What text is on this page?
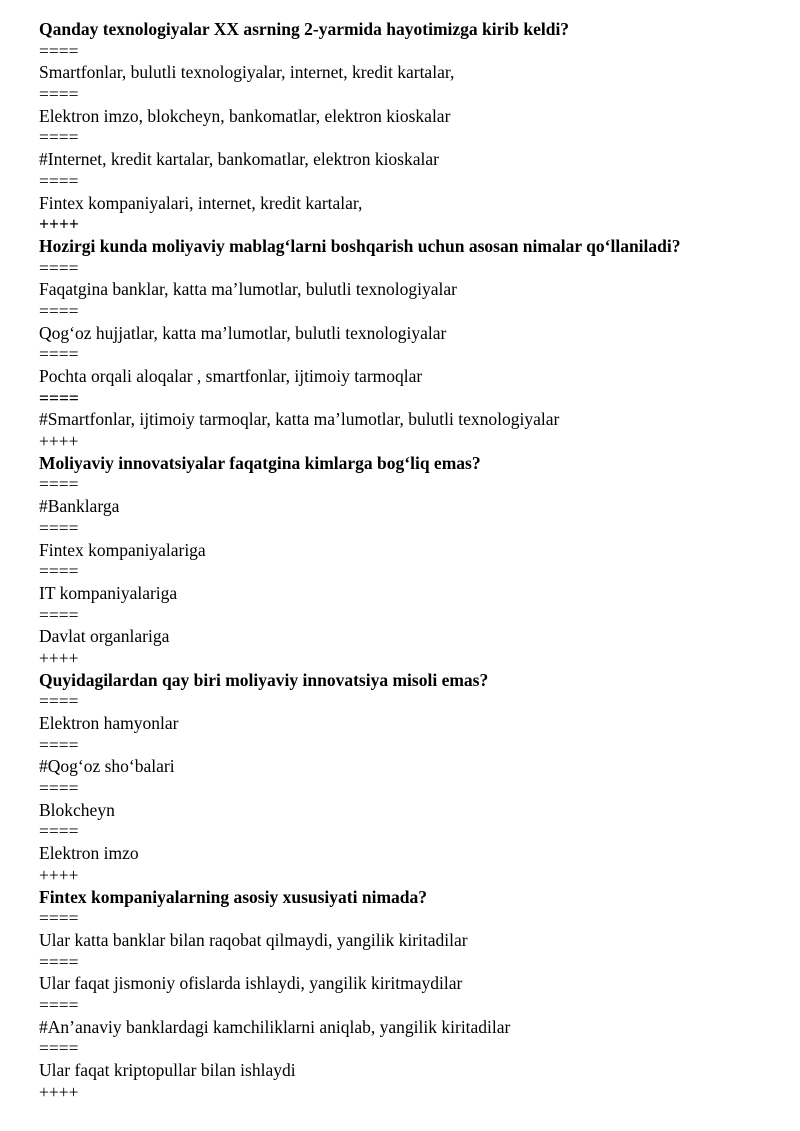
Qanday texnologiyalar XX asrning 2-yarmida hayotimizga kirib keldi?
====
Smartfonlar, bulutli texnologiyalar, internet, kredit kartalar,
====
Elektron imzo, blokcheyn, bankomatlar, elektron kioskalar
====
#Internet, kredit kartalar, bankomatlar, elektron kioskalar
====
Fintex kompaniyalari, internet, kredit kartalar,
++++
Hozirgi kunda moliyaviy mablag‘larni boshqarish uchun asosan nimalar qo‘llaniladi?
====
Faqatgina banklar, katta ma’lumotlar, bulutli texnologiyalar
====
Qog‘oz hujjatlar, katta ma’lumotlar, bulutli texnologiyalar
====
Pochta orqali aloqalar , smartfonlar, ijtimoiy tarmoqlar
====
#Smartfonlar, ijtimoiy tarmoqlar, katta ma’lumotlar, bulutli texnologiyalar
++++
Moliyaviy innovatsiyalar faqatgina kimlarga bog‘liq emas?
====
#Banklarga
====
Fintex kompaniyalariga
====
IT kompaniyalariga
====
Davlat organlariga
++++
Quyidagilardan qay biri moliyaviy innovatsiya misoli emas?
====
Elektron hamyonlar
====
#Qog‘oz sho‘balari
====
Blokcheyn
====
Elektron imzo
++++
Fintex kompaniyalarning asosiy xususiyati nimada?
====
Ular katta banklar bilan raqobat qilmaydi, yangilik kiritadilar
====
Ular faqat jismoniy ofislarda ishlaydi, yangilik kiritmaydilar
====
#An’anaviy banklardagi kamchiliklarni aniqlab, yangilik kiritadilar
====
Ular faqat kriptopullar bilan ishlaydi
++++
